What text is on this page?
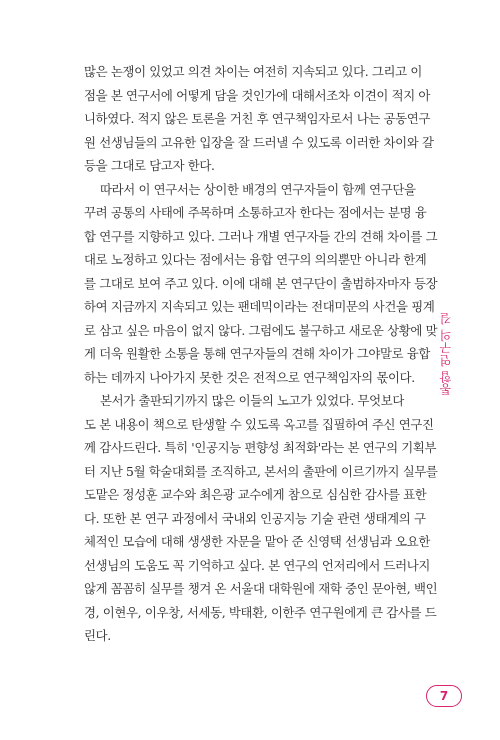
많은 논쟁이 있었고 의견 차이는 여전히 지속되고 있다. 그리고 이
점을 본 연구서에 어떻게 담을 것인가에 대해서조차 이견이 적지 아
니하였다. 적지 않은 토론을 거친 후 연구책임자로서 나는 공동연구
원 선생님들의 고유한 입장을 잘 드러낼 수 있도록 이러한 차이와 갈
등을 그대로 담고자 한다.
따라서 이 연구서는 상이한 배경의 연구자들이 함께 연구단을
꾸려 공통의 사태에 주목하며 소통하고자 한다는 점에서는 분명 융
합 연구를 지향하고 있다. 그러나 개별 연구자들 간의 견해 차이를 그
대로 노정하고 있다는 점에서는 융합 연구의 의의뿐만 아니라 한계
를 그대로 보여 주고 있다. 이에 대해 본 연구단이 출범하자마자 등장
하여 지금까지 지속되고 있는 팬데믹이라는 전대미문의 사건을 핑계
로 삼고 싶은 마음이 없지 않다. 그럼에도 불구하고 새로운 상황에 맞
게 더욱 원활한 소통을 통해 연구자들의 견해 차이가 그야말로 융합
하는 데까지 나아가지 못한 것은 전적으로 연구책임자의 몫이다.
본서가 출판되기까지 많은 이들의 노고가 있었다. 무엇보다
도 본 내용이 책으로 탄생할 수 있도록 옥고를 집필하여 주신 연구진
께 감사드린다. 특히 '인공지능 편향성 최적화'라는 본 연구의 기획부
터 지난 5월 학술대회를 조직하고, 본서의 출판에 이르기까지 실무를
도맡은 정성훈 교수와 최은광 교수에게 참으로 심심한 감사를 표한
다. 또한 본 연구 과정에서 국내외 인공지능 기술 관련 생태계의 구
체적인 모습에 대해 생생한 자문을 맡아 준 신영택 선생님과 오요한
선생님의 도움도 꼭 기억하고 싶다. 본 연구의 언저리에서 드러나지
않게 꼼꼼히 실무를 챙겨 온 서울대 대학원에 재학 중인 문아현, 백인
경, 이현우, 이우창, 서세동, 박태환, 이한주 연구원에게 큰 감사를 드
린다.
통합 연구의 길
7
